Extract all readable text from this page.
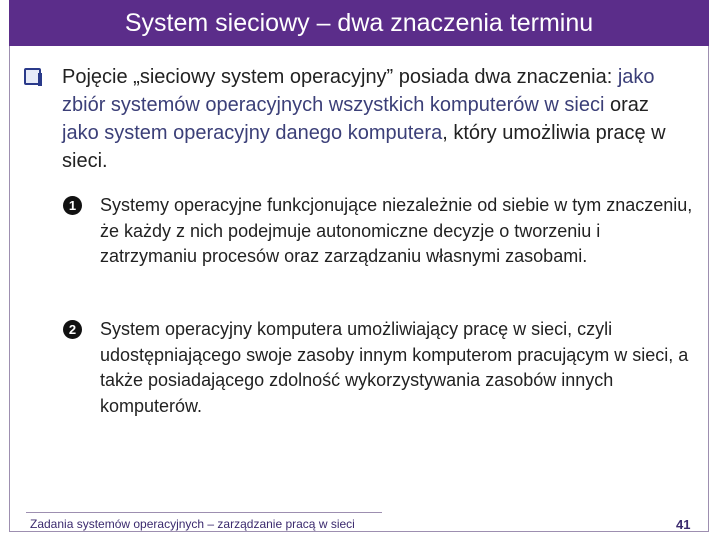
System sieciowy – dwa znaczenia terminu
Pojęcie „sieciowy system operacyjny” posiada dwa znaczenia: jako zbiór systemów operacyjnych wszystkich komputerów w sieci oraz jako system operacyjny danego komputera, który umożliwia pracę w sieci.
1	Systemy operacyjne funkcjonujące niezależnie od siebie w tym znaczeniu, że każdy z nich podejmuje autonomiczne decyzje o tworzeniu i zatrzymaniu procesów oraz zarządzaniu własnymi zasobami.
2	System operacyjny komputera umożliwiający pracę w sieci, czyli udostępniającego swoje zasoby innym komputerom pracującym w sieci, a także posiadającego zdolność wykorzystywania zasobów innych komputerów.
Zadania systemów operacyjnych – zarządzanie pracą w sieci	41
